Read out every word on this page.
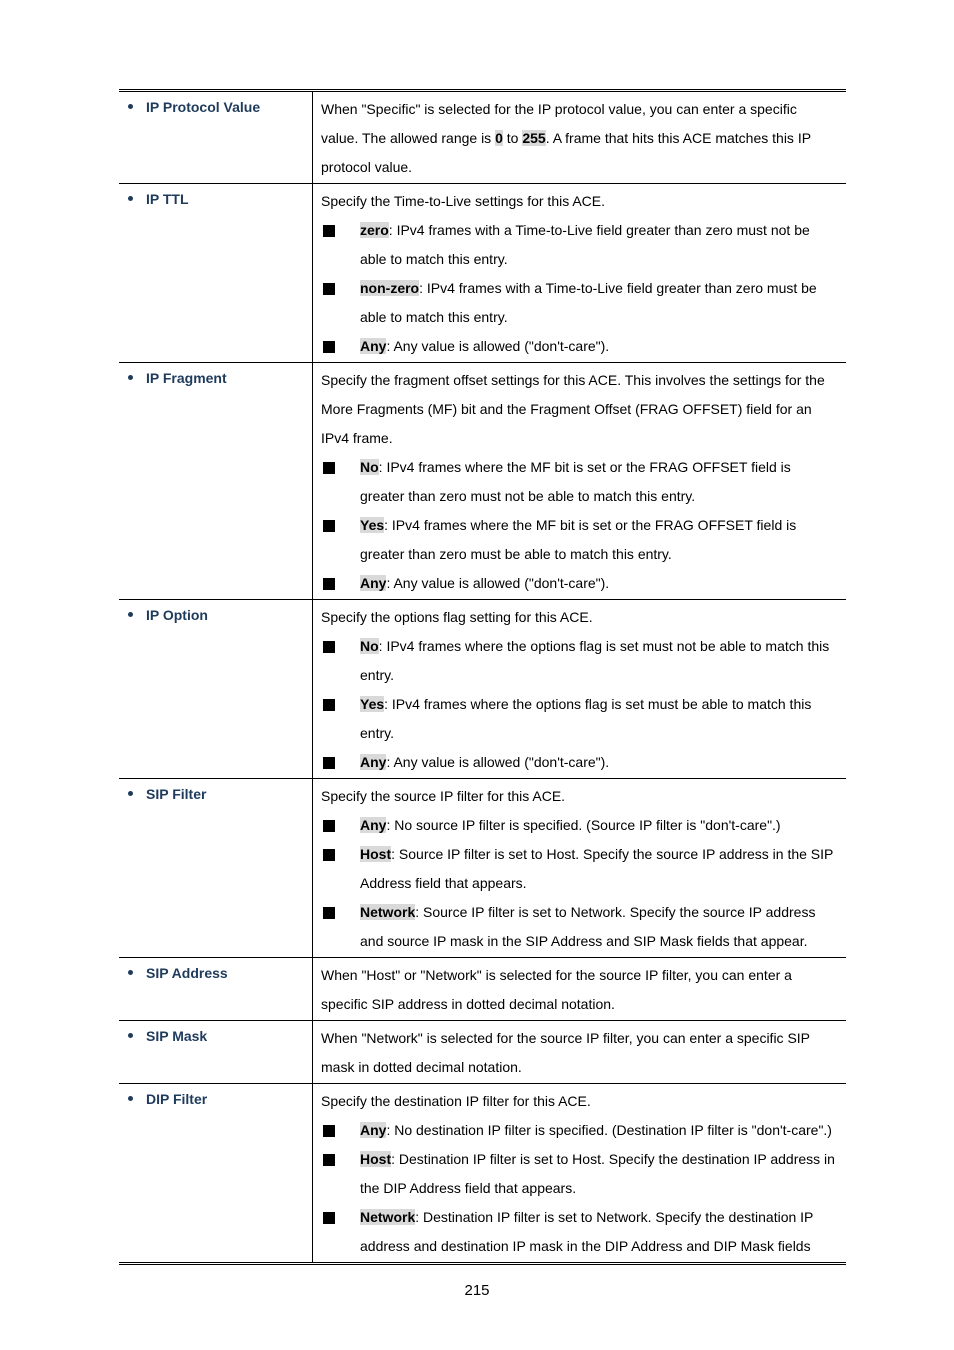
IP Protocol Value	When "Specific" is selected for the IP protocol value, you can enter a specific value. The allowed range is 0 to 255. A frame that hits this ACE matches this IP protocol value.

IP TTL	Specify the Time-to-Live settings for this ACE.

zero: IPv4 frames with a Time-to-Live field greater than zero must not be able to match this entry.
non-zero: IPv4 frames with a Time-to-Live field greater than zero must be able to match this entry.
Any: Any value is allowed ("don't-care").

IP Fragment	Specify the fragment offset settings for this ACE. This involves the settings for the More Fragments (MF) bit and the Fragment Offset (FRAG OFFSET) field for an IPv4 frame.

No: IPv4 frames where the MF bit is set or the FRAG OFFSET field is greater than zero must not be able to match this entry.
Yes: IPv4 frames where the MF bit is set or the FRAG OFFSET field is greater than zero must be able to match this entry.
Any: Any value is allowed ("don't-care").

IP Option	Specify the options flag setting for this ACE.

No: IPv4 frames where the options flag is set must not be able to match this entry.
Yes: IPv4 frames where the options flag is set must be able to match this entry.
Any: Any value is allowed ("don't-care").

SIP Filter	Specify the source IP filter for this ACE.

Any: No source IP filter is specified. (Source IP filter is "don't-care".)
Host: Source IP filter is set to Host. Specify the source IP address in the SIP Address field that appears.
Network: Source IP filter is set to Network. Specify the source IP address and source IP mask in the SIP Address and SIP Mask fields that appear.

SIP Address	When "Host" or "Network" is selected for the source IP filter, you can enter a specific SIP address in dotted decimal notation.

SIP Mask	When "Network" is selected for the source IP filter, you can enter a specific SIP mask in dotted decimal notation.

DIP Filter	Specify the destination IP filter for this ACE.

Any: No destination IP filter is specified. (Destination IP filter is "don't-care".)
Host: Destination IP filter is set to Host. Specify the destination IP address in the DIP Address field that appears.
Network: Destination IP filter is set to Network. Specify the destination IP address and destination IP mask in the DIP Address and DIP Mask fields
215
